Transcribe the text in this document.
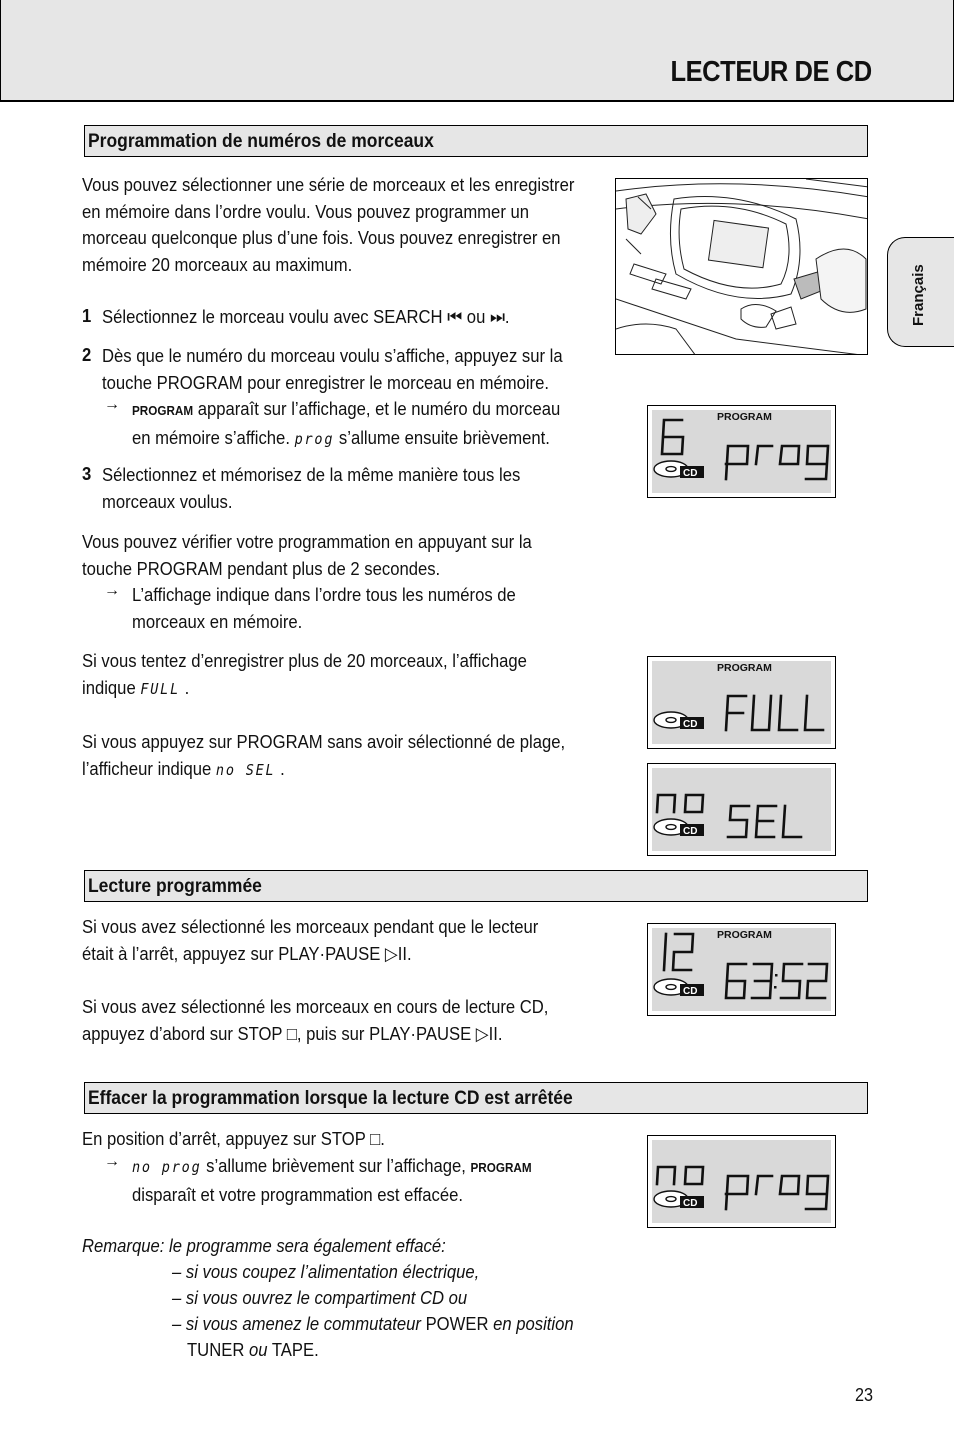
LECTEUR DE CD
Français
Programmation de numéros de morceaux
Vous pouvez sélectionner une série de morceaux et les enregistrer
en mémoire dans l’ordre voulu. Vous pouvez programmer un
morceau quelconque plus d’une fois. Vous pouvez enregistrer en
mémoire 20 morceaux au maximum.
1 Sélectionnez le morceau voulu avec SEARCH ⏮ ou ⏭.
2 Dès que le numéro du morceau voulu s’affiche, appuyez sur la
touche PROGRAM pour enregistrer le morceau en mémoire.
→ PROGRAM apparaît sur l’affichage, et le numéro du morceau
en mémoire s’affiche. prog s’allume ensuite brièvement.
3 Sélectionnez et mémorisez de la même manière tous les
morceaux voulus.
Vous pouvez vérifier votre programmation en appuyant sur la
touche PROGRAM pendant plus de 2 secondes.
→ L’affichage indique dans l’ordre tous les numéros de
morceaux en mémoire.
Si vous tentez d’enregistrer plus de 20 morceaux, l’affichage
indique FULL .
Si vous appuyez sur PROGRAM sans avoir sélectionné de plage,
l’afficheur indique no SEL .
PROGRAM
CD
PROGRAM
CD
CD
Lecture programmée
Si vous avez sélectionné les morceaux pendant que le lecteur
était à l’arrêt, appuyez sur PLAY·PAUSE ▷II.
Si vous avez sélectionné les morceaux en cours de lecture CD,
appuyez d’abord sur STOP □, puis sur PLAY·PAUSE ▷II.
PROGRAM
CD
Effacer la programmation lorsque la lecture CD est arrêtée
En position d’arrêt, appuyez sur STOP □.
→ no prog s’allume brièvement sur l’affichage, PROGRAM
disparaît et votre programmation est effacée.
Remarque: le programme sera également effacé:
– si vous coupez l’alimentation électrique,
– si vous ouvrez le compartiment CD ou
– si vous amenez le commutateur POWER en position
TUNER ou TAPE.
CD
23
